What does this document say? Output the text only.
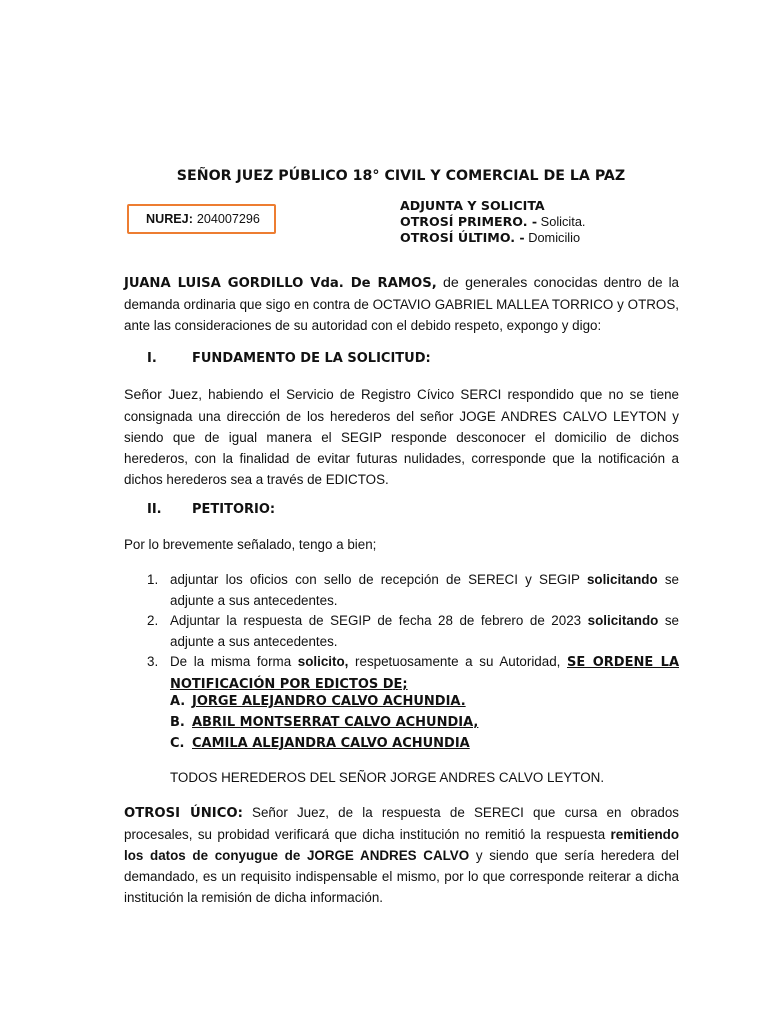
SEÑOR JUEZ PÚBLICO 18° CIVIL Y COMERCIAL DE LA PAZ
NUREJ: 204007296
ADJUNTA Y SOLICITA
OTROSÍ PRIMERO. - Solicita.
OTROSÍ ÚLTIMO. - Domicilio
JUANA LUISA GORDILLO Vda. De RAMOS, de generales conocidas dentro de la demanda ordinaria que sigo en contra de OCTAVIO GABRIEL MALLEA TORRICO y OTROS, ante las consideraciones de su autoridad con el debido respeto, expongo y digo:
I.	FUNDAMENTO DE LA SOLICITUD:
Señor Juez, habiendo el Servicio de Registro Cívico SERCI respondido que no se tiene consignada una dirección de los herederos del señor JOGE ANDRES CALVO LEYTON y siendo que de igual manera el SEGIP responde desconocer el domicilio de dichos herederos, con la finalidad de evitar futuras nulidades, corresponde que la notificación a dichos herederos sea a través de EDICTOS.
II. PETITORIO:
Por lo brevemente señalado, tengo a bien;
1. adjuntar los oficios con sello de recepción de SERECI y SEGIP solicitando se adjunte a sus antecedentes.
2. Adjuntar la respuesta de SEGIP de fecha 28 de febrero de 2023 solicitando se adjunte a sus antecedentes.
3. De la misma forma solicito, respetuosamente a su Autoridad, SE ORDENE LA NOTIFICACIÓN POR EDICTOS DE;
A. JORGE ALEJANDRO CALVO ACHUNDIA.
B. ABRIL MONTSERRAT CALVO ACHUNDIA,
C. CAMILA ALEJANDRA CALVO ACHUNDIA
TODOS HEREDEROS DEL SEÑOR JORGE ANDRES CALVO LEYTON.
OTROSI ÚNICO: Señor Juez, de la respuesta de SERECI que cursa en obrados procesales, su probidad verificará que dicha institución no remitió la respuesta remitiendo los datos de conyugue de JORGE ANDRES CALVO y siendo que sería heredera del demandado, es un requisito indispensable el mismo, por lo que corresponde reiterar a dicha institución la remisión de dicha información.
